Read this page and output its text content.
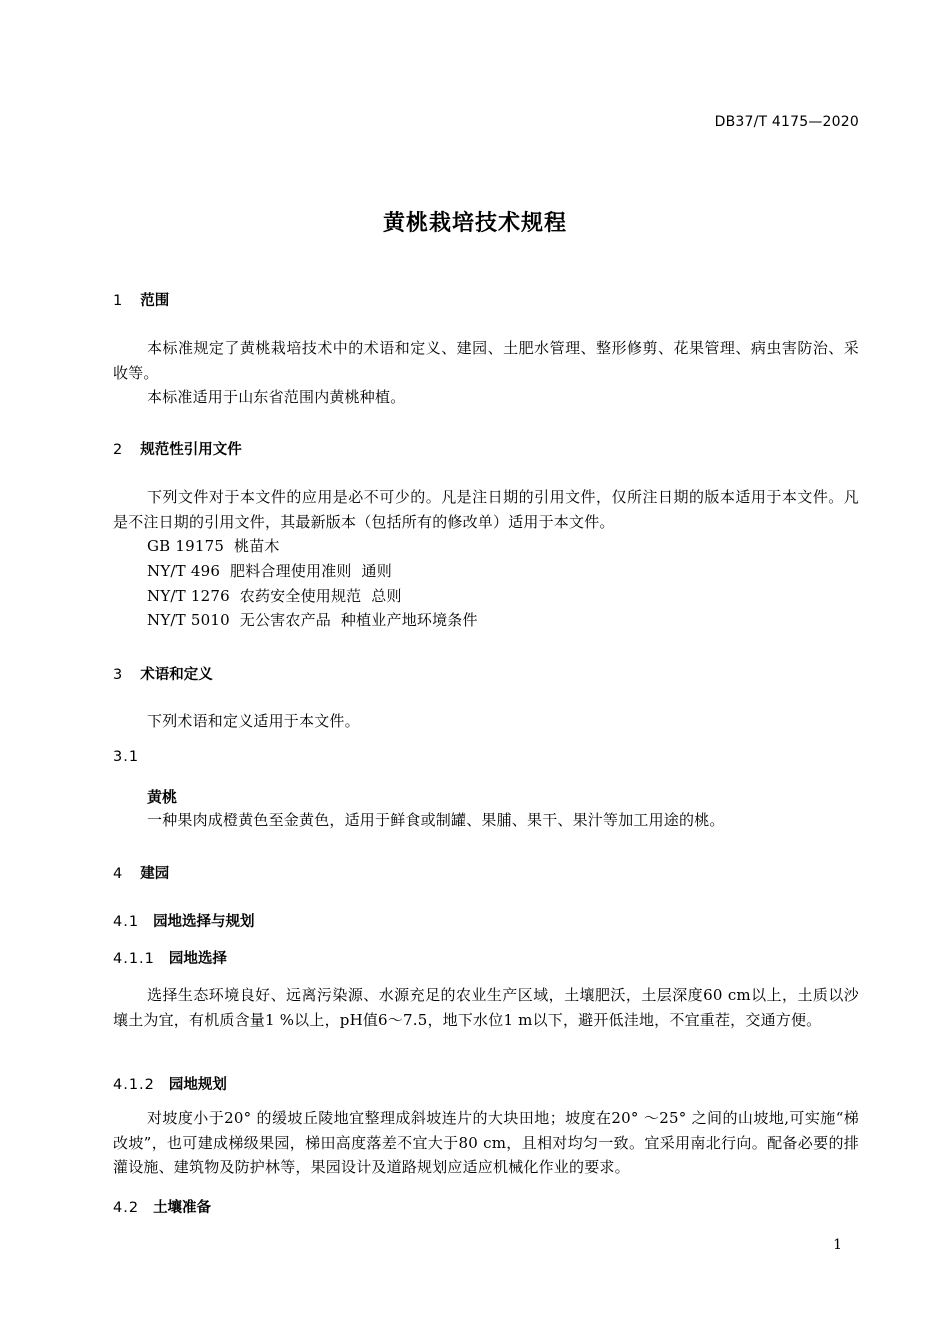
DB37/T 4175—2020
黄桃栽培技术规程
1 范围
本标准规定了黄桃栽培技术中的术语和定义、建园、土肥水管理、整形修剪、花果管理、病虫害防治、采收等。
本标准适用于山东省范围内黄桃种植。
2 规范性引用文件
下列文件对于本文件的应用是必不可少的。凡是注日期的引用文件，仅所注日期的版本适用于本文件。凡是不注日期的引用文件，其最新版本（包括所有的修改单）适用于本文件。
GB 19175  桃苗木
NY/T 496  肥料合理使用准则  通则
NY/T 1276  农药安全使用规范  总则
NY/T 5010  无公害农产品  种植业产地环境条件
3 术语和定义
下列术语和定义适用于本文件。
3.1
黄桃
一种果肉成橙黄色至金黄色，适用于鲜食或制罐、果脯、果干、果汁等加工用途的桃。
4 建园
4.1 园地选择与规划
4.1.1 园地选择
选择生态环境良好、远离污染源、水源充足的农业生产区域，土壤肥沃，土层深度60 cm以上，土质以沙壤土为宜，有机质含量1 %以上，pH值6～7.5，地下水位1 m以下，避开低洼地，不宜重茬，交通方便。
4.1.2 园地规划
对坡度小于20° 的缓坡丘陵地宜整理成斜坡连片的大块田地；坡度在20° ～25° 之间的山坡地,可实施“梯改坡”，也可建成梯级果园，梯田高度落差不宜大于80 cm，且相对均匀一致。宜采用南北行向。配备必要的排灌设施、建筑物及防护林等，果园设计及道路规划应适应机械化作业的要求。
4.2 土壤准备
1
